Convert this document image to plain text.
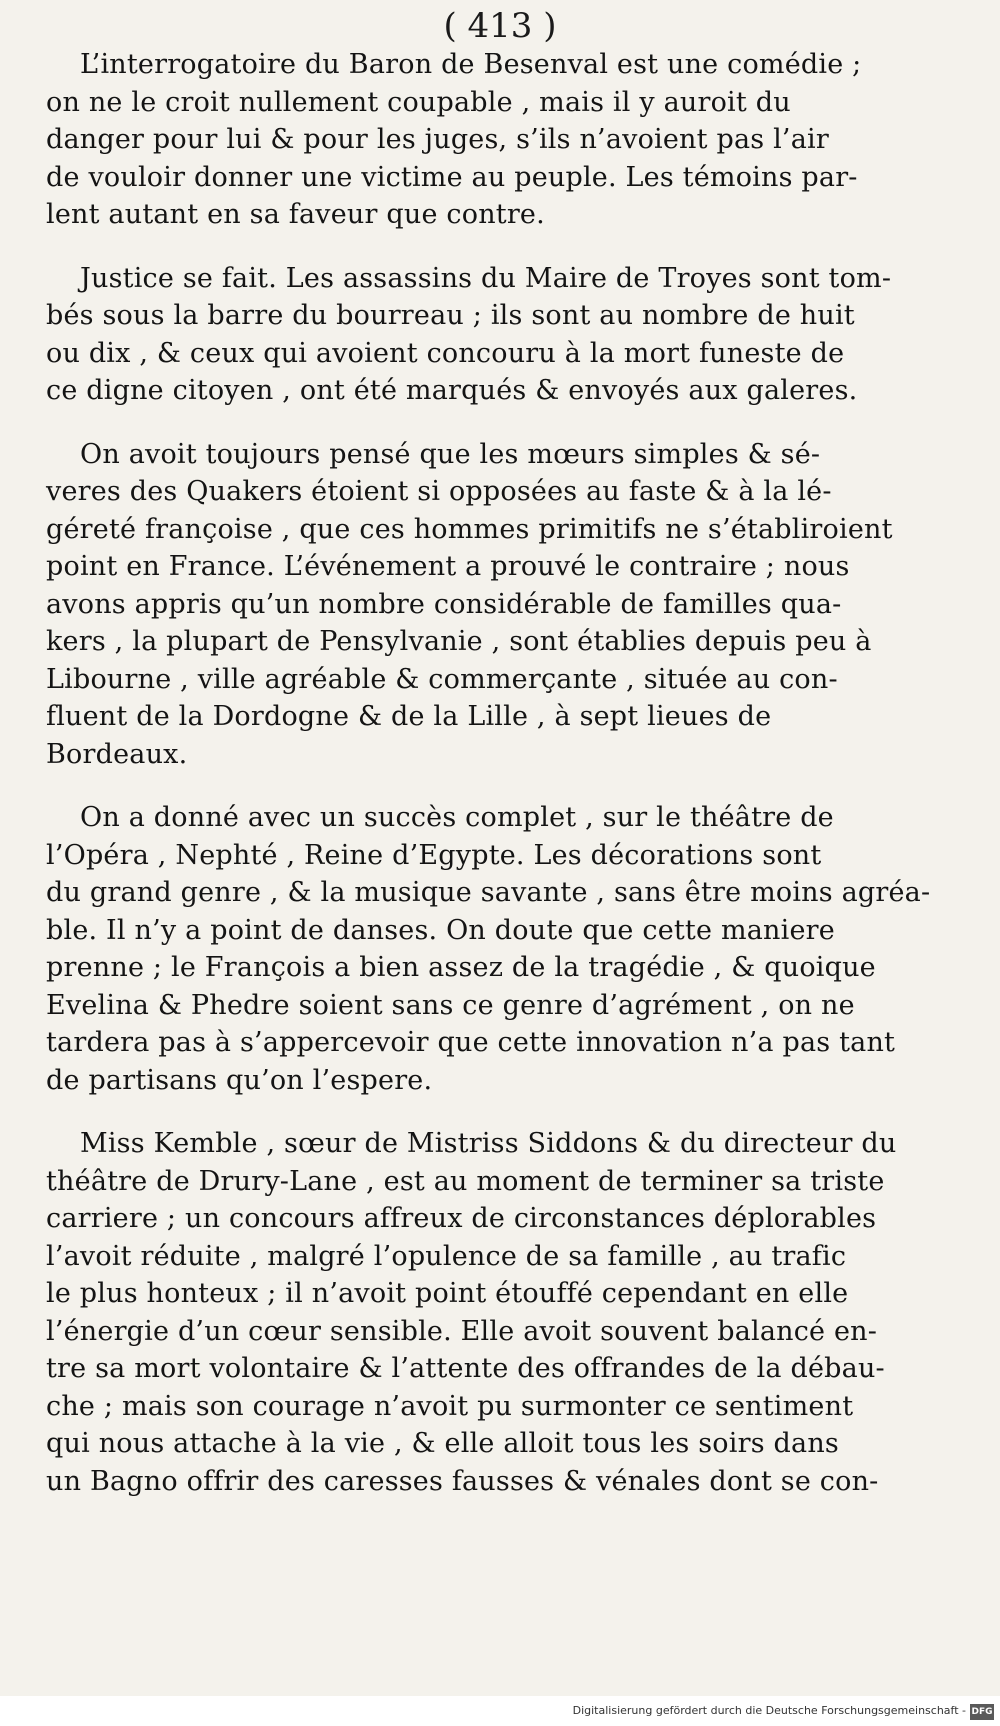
( 413 )

L’interrogatoire du Baron de Besenval est une comédie ;
on ne le croit nullement coupable , mais il y auroit du
danger pour lui & pour les juges, s’ils n’avoient pas l’air
de vouloir donner une victime au peuple. Les témoins par-
lent autant en sa faveur que contre.

Justice se fait. Les assassins du Maire de Troyes sont tom-
bés sous la barre du bourreau ; ils sont au nombre de huit
ou dix , & ceux qui avoient concouru à la mort funeste de
ce digne citoyen , ont été marqués & envoyés aux galeres.

On avoit toujours pensé que les mœurs simples & sé-
veres des Quakers étoient si opposées au faste & à la lé-
géreté françoise , que ces hommes primitifs ne s’établiroient
point en France. L’événement a prouvé le contraire ; nous
avons appris qu’un nombre considérable de familles qua-
kers , la plupart de Pensylvanie , sont établies depuis peu à
Libourne , ville agréable & commerçante , située au con-
fluent de la Dordogne & de la Lille , à sept lieues de
Bordeaux.

On a donné avec un succès complet , sur le théâtre de
l’Opéra , Nephté , Reine d’Egypte. Les décorations sont
du grand genre , & la musique savante , sans être moins agréa-
ble. Il n’y a point de danses. On doute que cette maniere
prenne ; le François a bien assez de la tragédie , & quoique
Evelina & Phedre soient sans ce genre d’agrément , on ne
tardera pas à s’appercevoir que cette innovation n’a pas tant
de partisans qu’on l’espere.

Miss Kemble , sœur de Mistriss Siddons & du directeur du
théâtre de Drury-Lane , est au moment de terminer sa triste
carriere ; un concours affreux de circonstances déplorables
l’avoit réduite , malgré l’opulence de sa famille , au trafic
le plus honteux ; il n’avoit point étouffé cependant en elle
l’énergie d’un cœur sensible. Elle avoit souvent balancé en-
tre sa mort volontaire & l’attente des offrandes de la débau-
che ; mais son courage n’avoit pu surmonter ce sentiment
qui nous attache à la vie , & elle alloit tous les soirs dans
un Bagno offrir des caresses fausses & vénales dont se con-

Digitalisierung gefördert durch die Deutsche Forschungsgemeinschaft - DFG
